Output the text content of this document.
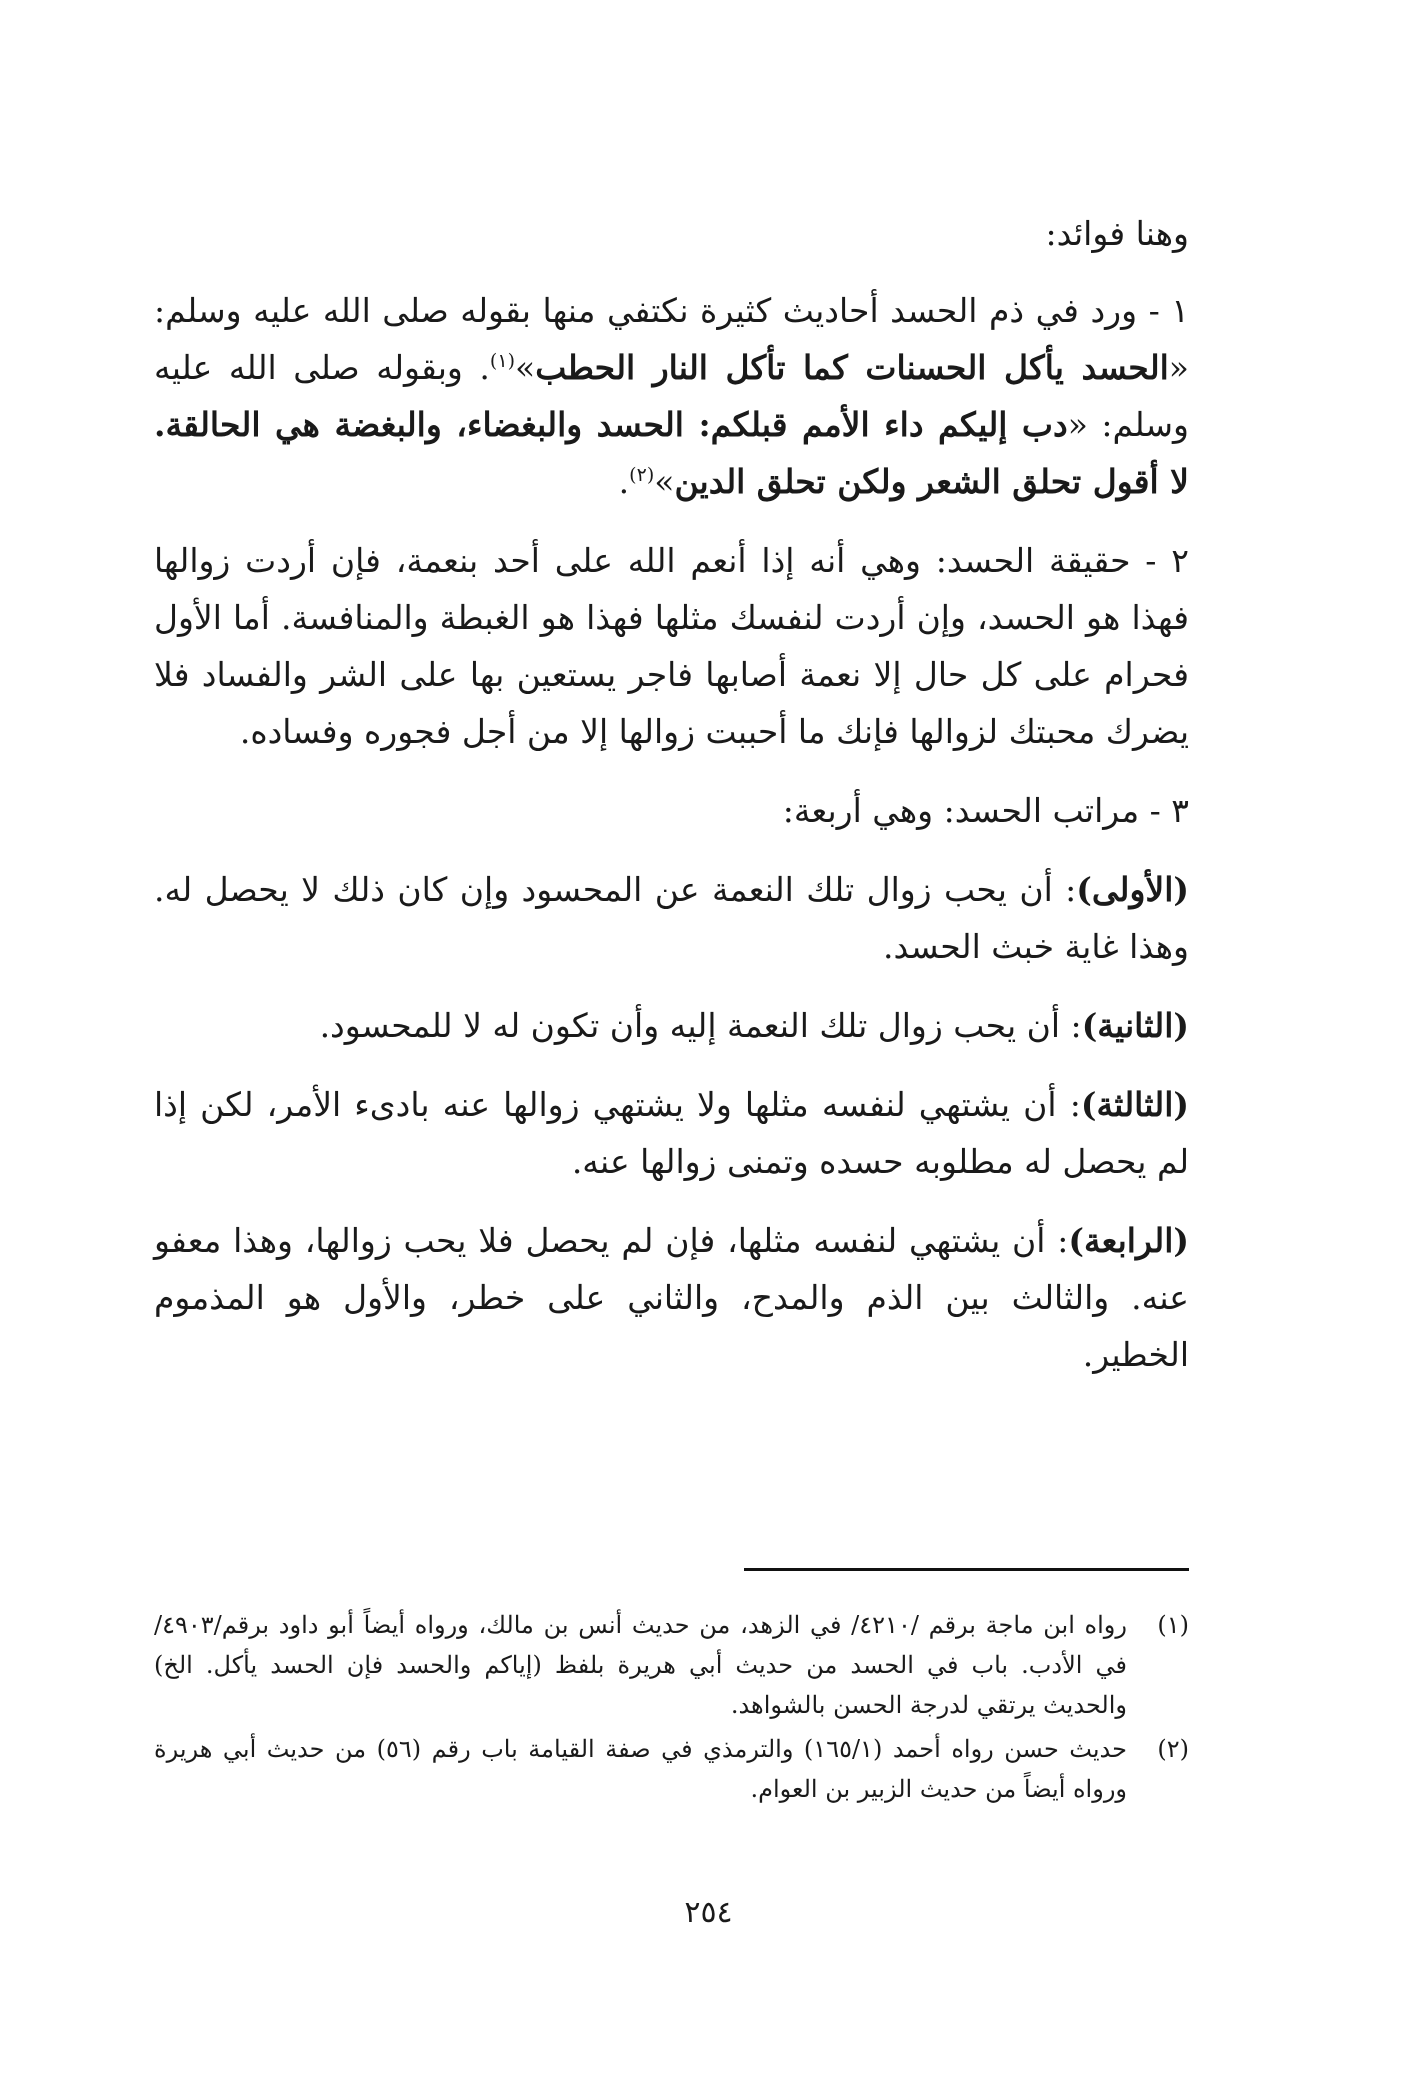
وهنا فوائد:

١ - ورد في ذم الحسد أحاديث كثيرة نكتفي منها بقوله صلى الله عليه وسلم: «الحسد يأكل الحسنات كما تأكل النار الحطب»$^{(١)}$. وبقوله صلى الله عليه وسلم: «دب إليكم داء الأمم قبلكم: الحسد والبغضاء، والبغضة هي الحالقة. لا أقول تحلق الشعر ولكن تحلق الدين»$^{(٢)}$.

٢ - حقيقة الحسد: وهي أنه إذا أنعم الله على أحد بنعمة، فإن أردت زوالها فهذا هو الحسد، وإن أردت لنفسك مثلها فهذا هو الغبطة والمنافسة. أما الأول فحرام على كل حال إلا نعمة أصابها فاجر يستعين بها على الشر والفساد فلا يضرك محبتك لزوالها فإنك ما أحببت زوالها إلا من أجل فجوره وفساده.

٣ - مراتب الحسد: وهي أربعة:

(الأولى): أن يحب زوال تلك النعمة عن المحسود وإن كان ذلك لا يحصل له. وهذا غاية خبث الحسد.

(الثانية): أن يحب زوال تلك النعمة إليه وأن تكون له لا للمحسود.

(الثالثة): أن يشتهي لنفسه مثلها ولا يشتهي زوالها عنه بادىء الأمر، لكن إذا لم يحصل له مطلوبه حسده وتمنى زوالها عنه.

(الرابعة): أن يشتهي لنفسه مثلها، فإن لم يحصل فلا يحب زوالها، وهذا معفو عنه. والثالث بين الذم والمدح، والثاني على خطر، والأول هو المذموم الخطير.

(١)
رواه ابن ماجة برقم /٤٢١٠/ في الزهد، من حديث أنس بن مالك، ورواه أيضاً أبو داود برقم/٤٩٠٣/ في الأدب. باب في الحسد من حديث أبي هريرة بلفظ (إياكم والحسد فإن الحسد يأكل. الخ) والحديث يرتقي لدرجة الحسن بالشواهد.
(٢)
حديث حسن رواه أحمد (١٦٥/١) والترمذي في صفة القيامة باب رقم (٥٦) من حديث أبي هريرة ورواه أيضاً من حديث الزبير بن العوام.
٢٥٤
